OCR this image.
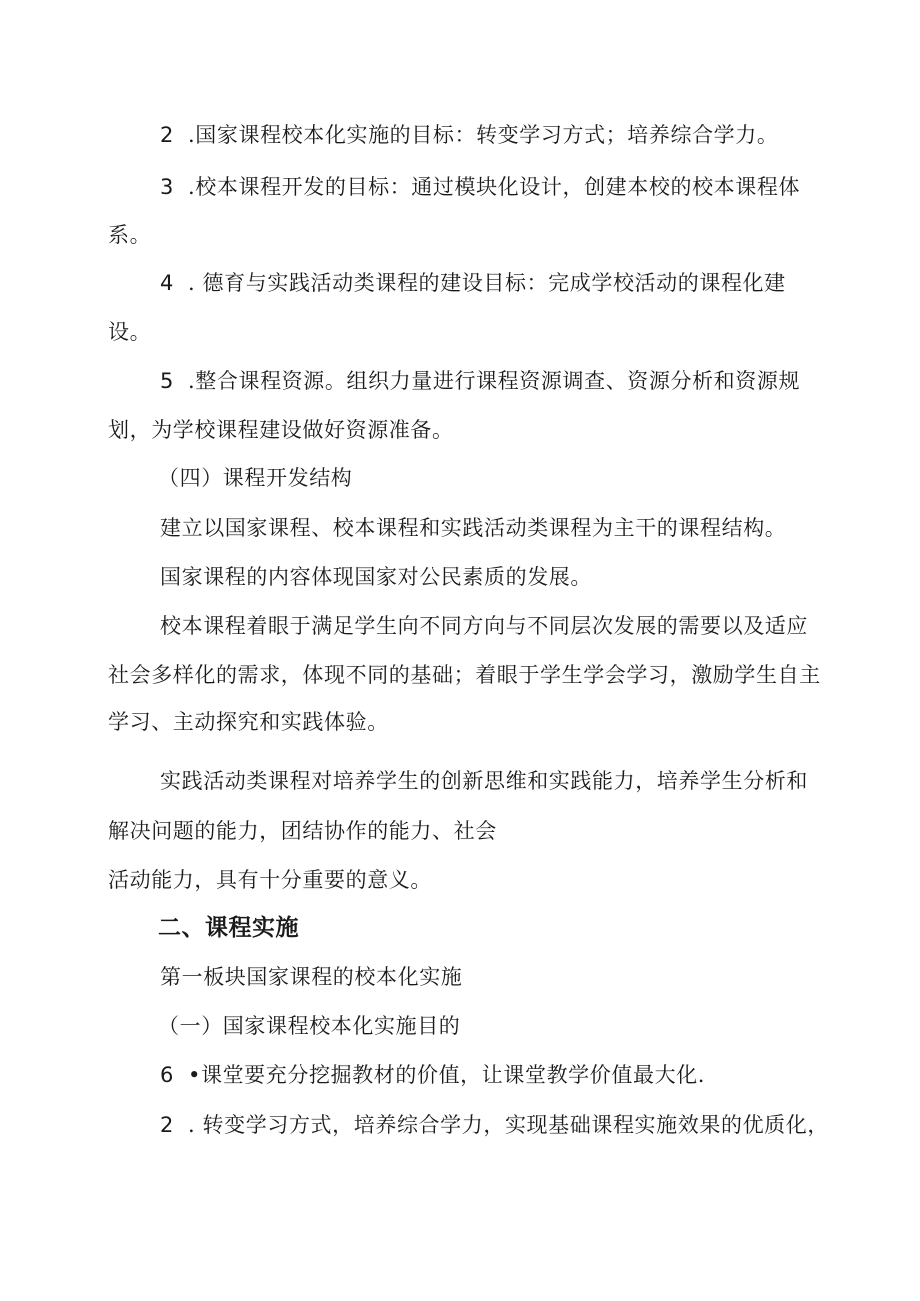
2 .国家课程校本化实施的目标：转变学习方式；培养综合学力。

3 .校本课程开发的目标：通过模块化设计，创建本校的校本课程体

系。

4 . 德育与实践活动类课程的建设目标：完成学校活动的课程化建

设。

5 .整合课程资源。组织力量进行课程资源调查、资源分析和资源规

划，为学校课程建设做好资源准备。

（四）课程开发结构

建立以国家课程、校本课程和实践活动类课程为主干的课程结构。

国家课程的内容体现国家对公民素质的发展。

校本课程着眼于满足学生向不同方向与不同层次发展的需要以及适应

社会多样化的需求，体现不同的基础；着眼于学生学会学习，激励学生自主

学习、主动探究和实践体验。

实践活动类课程对培养学生的创新思维和实践能力，培养学生分析和

解决问题的能力，团结协作的能力、社会

活动能力，具有十分重要的意义。

二、课程实施

第一板块国家课程的校本化实施

（一）国家课程校本化实施目的

6 •课堂要充分挖掘教材的价值，让课堂教学价值最大化.

2 . 转变学习方式，培养综合学力，实现基础课程实施效果的优质化，
